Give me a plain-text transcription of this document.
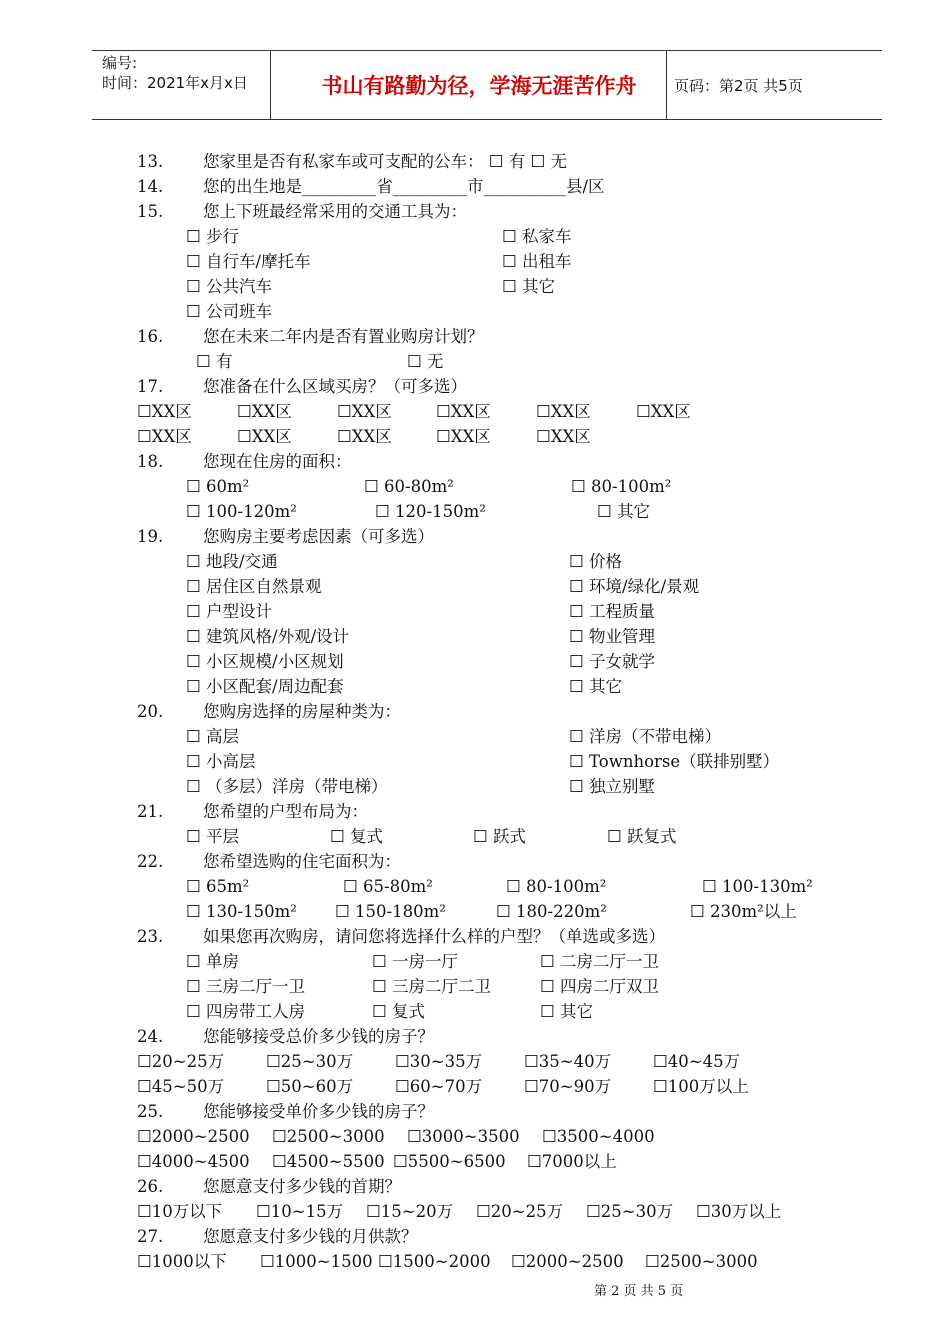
编号:
时间：2021年x月x日	书山有路勤为径，学海无涯苦作舟	页码：第2页 共5页
13. 您家里是否有私家车或可支配的公车： ☐ 有 ☐ 无
14. 您的出生地是_________省_________市__________县/区
15. 您上下班最经常采用的交通工具为：
☐ 步行	☐ 私家车
☐ 自行车/摩托车	☐ 出租车
☐ 公共汽车	☐ 其它
☐ 公司班车
16. 您在未来二年内是否有置业购房计划？
☐ 有	☐ 无
17. 您准备在什么区域买房？（可多选）
☐XX区	☐XX区	☐XX区	☐XX区	☐XX区	☐XX区
☐XX区	☐XX区	☐XX区	☐XX区	☐XX区
18. 您现在住房的面积：
☐ 60m²	☐ 60-80m²	☐ 80-100m²
☐ 100-120m²	☐ 120-150m²	☐ 其它
19. 您购房主要考虑因素（可多选）
☐ 地段/交通	☐ 价格
☐ 居住区自然景观	☐ 环境/绿化/景观
☐ 户型设计	☐ 工程质量
☐ 建筑风格/外观/设计	☐ 物业管理
☐ 小区规模/小区规划	☐ 子女就学
☐ 小区配套/周边配套	☐ 其它
20. 您购房选择的房屋种类为：
☐ 高层	☐ 洋房（不带电梯）
☐ 小高层	☐ Townhorse（联排别墅）
☐ （多层）洋房（带电梯）	☐ 独立别墅
21. 您希望的户型布局为：
☐ 平层	☐ 复式	☐ 跃式	☐ 跃复式
22. 您希望选购的住宅面积为：
☐ 65m²	☐ 65-80m²	☐ 80-100m²	☐ 100-130m²
☐ 130-150m² ☐ 150-180m²	☐ 180-220m²	☐ 230m²以上
23. 如果您再次购房，请问您将选择什么样的户型？（单选或多选）
☐ 单房	☐ 一房一厅	☐ 二房二厅一卫
☐ 三房二厅一卫	☐ 三房二厅二卫	☐ 四房二厅双卫
☐ 四房带工人房	☐ 复式	☐ 其它
24. 您能够接受总价多少钱的房子？
☐20~25万	☐25~30万	☐30~35万	☐35~40万	☐40~45万
☐45~50万	☐50~60万	☐60~70万	☐70~90万	☐100万以上
25. 您能够接受单价多少钱的房子？
☐2000~2500 ☐2500~3000 ☐3000~3500 ☐3500~4000
☐4000~4500 ☐4500~5500 ☐5500~6500 ☐7000以上
26. 您愿意支付多少钱的首期？
☐10万以下 ☐10~15万 ☐15~20万 ☐20~25万 ☐25~30万 ☐30万以上
27. 您愿意支付多少钱的月供款？
☐1000以下 ☐1000~1500 ☐1500~2000 ☐2000~2500 ☐2500~3000
第 2 页 共 5 页
